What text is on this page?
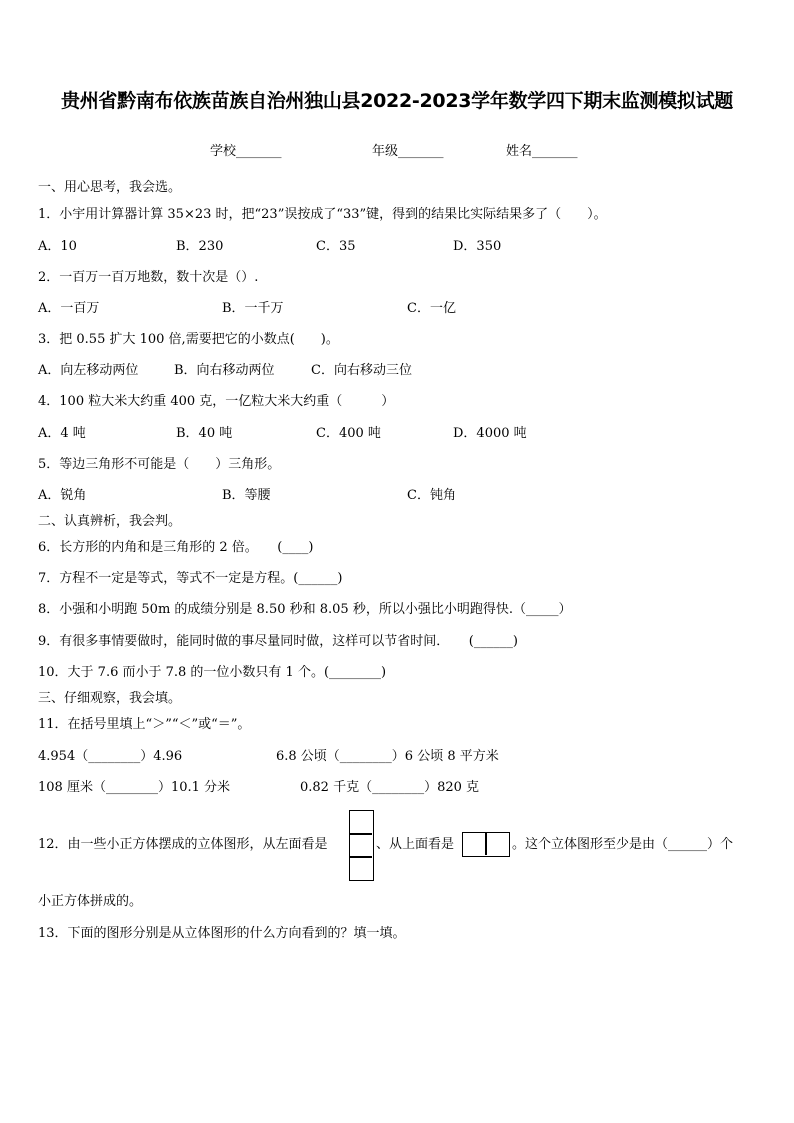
贵州省黔南布依族苗族自治州独山县2022-2023学年数学四下期末监测模拟试题
学校_______	年级_______	姓名_______
一、用心思考，我会选。
1．小宇用计算器计算 35×23 时，把“23”误按成了“33”键，得到的结果比实际结果多了（　　）。
A．10	B．230	C．35	D．350
2．一百万一百万地数，数十次是（）.
A．一百万	B．一千万	C．一亿
3．把 0.55 扩大 100 倍,需要把它的小数点(　　)。
A．向左移动两位	B．向右移动两位	C．向右移动三位
4．100 粒大米大约重 400 克，一亿粒大米大约重（　　　）
A．4 吨	B．40 吨	C．400 吨	D．4000 吨
5．等边三角形不可能是（　　）三角形。
A．锐角	B．等腰	C．钝角
二、认真辨析，我会判。
6．长方形的内角和是三角形的 2 倍。　　(____)
7．方程不一定是等式，等式不一定是方程。(______)
8．小强和小明跑 50m 的成绩分别是 8.50 秒和 8.05 秒，所以小强比小明跑得快.（_____）
9．有很多事情要做时，能同时做的事尽量同时做，这样可以节省时间．　　(______)
10．大于 7.6 而小于 7.8 的一位小数只有 1 个。(________)
三、仔细观察，我会填。
11．在括号里填上“＞”“＜”或“＝”。
4.954（________）4.96	6.8 公顷（________）6 公顷 8 平方米
108 厘米（________）10.1 分米	0.82 千克（________）820 克
12．由一些小正方体摆成的立体图形，从左面看是	、从上面看是	。这个立体图形至少是由（______）个
小正方体拼成的。
13．下面的图形分别是从立体图形的什么方向看到的？填一填。
